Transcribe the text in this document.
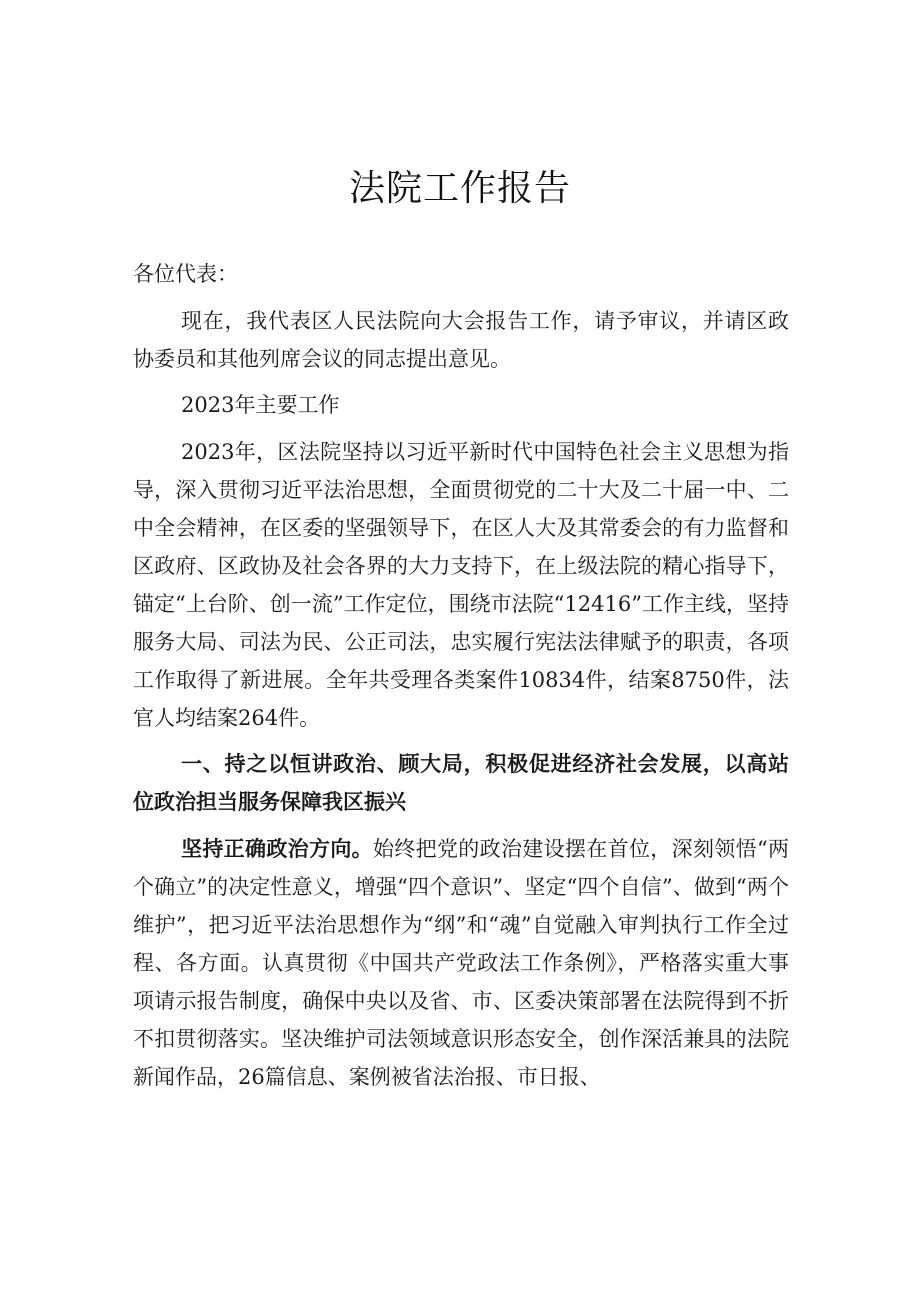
法院工作报告

各位代表：

现在，我代表区人民法院向大会报告工作，请予审议，并请区政协委员和其他列席会议的同志提出意见。

2023年主要工作

2023年，区法院坚持以习近平新时代中国特色社会主义思想为指导，深入贯彻习近平法治思想，全面贯彻党的二十大及二十届一中、二中全会精神，在区委的坚强领导下，在区人大及其常委会的有力监督和区政府、区政协及社会各界的大力支持下，在上级法院的精心指导下，锚定“上台阶、创一流”工作定位，围绕市法院“12416”工作主线，坚持服务大局、司法为民、公正司法，忠实履行宪法法律赋予的职责，各项工作取得了新进展。全年共受理各类案件10834件，结案8750件，法官人均结案264件。

一、持之以恒讲政治、顾大局，积极促进经济社会发展，以高站位政治担当服务保障我区振兴

坚持正确政治方向。始终把党的政治建设摆在首位，深刻领悟“两个确立”的决定性意义，增强“四个意识”、坚定“四个自信”、做到“两个维护”，把习近平法治思想作为“纲”和“魂”自觉融入审判执行工作全过程、各方面。认真贯彻《中国共产党政法工作条例》，严格落实重大事项请示报告制度，确保中央以及省、市、区委决策部署在法院得到不折不扣贯彻落实。坚决维护司法领域意识形态安全，创作深活兼具的法院新闻作品，26篇信息、案例被省法治报、市日报、
